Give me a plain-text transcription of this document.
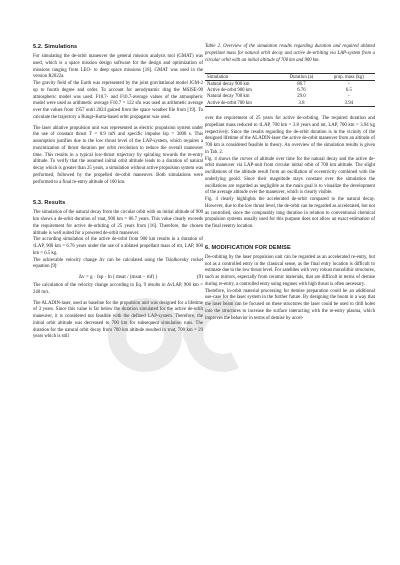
5.2. Simulations

For simulating the de-orbit maneuver the general mission analysis tool (GMAT) was used, which is a space mission design software for the design and optimization of missions ranging from LEO- to deep space missions [18]. GMAT was used in the version R2022a.

The gravity field of the Earth was represented by the joint gravitational model JGM-2 up to fourth degree and order. To account for aerodynamic drag the MSISE-90 atmospheric model was used. F10.7- and F10.7-average values of the atmospheric model were used as arithmetic average F10.7 = 122 sfu was used as arithmetic average over the values from 1957 until 2024 gained from the space weather file from [19]. To calculate the trajectory a Runge-Kutta-based orbit propagator was used.

The laser ablative propulsion unit was represented as electric propulsion system under the use of constant thrust T = 0.9 mN and specific impulse Isp = 3000 s. This assumption justifies due to the low thrust level of the LAP-system, which requires a maximization of thrust duration per orbit revolution to reduce the overall maneuver time. This results in a typical low-thrust trajectory by spiraling towards the re-entry altitude. To verify that the assumed initial orbit altitude leads to a duration of natural decay which is greater than 25 years, a simulation without active propulsion system was performed, followed by the propelled de-orbit maneuver. Both simulations were performed to a final re-entry altitude of 100 km.

5.3. Results

The simulation of the natural decay from the circular orbit with an initial altitude of 900 km shows a de-orbit duration of τnat, 900 km = 86.7 years. This value clearly exceeds the requirement for active de-orbiting of 25 years from [16]. Therefore, the chosen altitude is well suited for a powered de-orbit maneuver.

The according simulation of the active de-orbit from 900 km results in a duration of τLAP, 900 km = 6.76 years under the use of a ablated propellant mass of mt, LAP, 900 km = 6.5 kg.

The achievable velocity change Δv can be calculated using the Tsiolkovsky rocket equation [9]:

Δv = g · Isp · ln ( msat / (msat − mf) )	(9)

The calculation of the velocity change according to Eq. 9 results in ΔvLAP, 900 km = 240 m/s.

The ALADIN-laser, used as baseline for the propulsion unit was designed for a lifetime of 3 years. Since this value is far below the duration simulated for the active de-orbit maneuver, it is considered not feasible with the defined LAP-system. Therefore, the initial orbit altitude was decreased to 700 km for subsequent simulation runs. The duration for the natural orbit decay from 700 km altitude resulted in τnat, 700 km = 29 years which is still

Table 2. Overview of the simulation results regarding duration and required ablated propellant mass for natural orbit decay and active de-orbiting via LAP-system from a circular orbit with an initial altitude of 700 km and 900 km.

Simulation	Duration (a)	prop. mass (kg)
Natural decay 900 km	86.7	-
Active de-orbit 900 km	6.76	6.5
Natural decay 700 km	29.0	-
Active de-orbit 700 km	3.8	3.94

over the requirement of 25 years for active de-orbiting. The required duration and propellant mass reduced to τLAP, 700 km = 3.8 years and mt, LAP, 700 km = 3.94 kg respectively. Since the results regarding the de-orbit duration is in the vicinity of the designed lifetime of the ALADIN-laser the active de-orbit maneuver from an altitude of 700 km is considered feasible in theory. An overview of the simulation results is given in Tab. 2.

Fig. 4 shows the curves of altitude over time for the natural decay and the active de-orbit maneuver via LAP-unit from circular initial orbit of 700 km altitude. The slight oscillations of the altitude result from an oscillation of eccentricity combined with the underlying geoid. Since their magnitude stays constant over the simulation the oscillations are regarded as negligible as the main goal is to visualize the development of the average altitude over the maneuver, which is clearly visible.

Fig. 4 clearly highlights the accelerated de-orbit compared to the natural decay. However, due to the low thrust level, the de-orbit can be regarded as accelerated, but not as controlled, since the comparably long duration in relation to conventional chemical propulsion systems usually used for this purpose does not allow an exact estimation of the final reentry location.

6. MODIFICATION FOR DEMISE

De-orbiting by the laser propulsion unit can be regarded as an accelerated re-entry, but not as a controlled entry in the classical sense, as the final entry location is difficult to estimate due to the low thrust level. For satellites with very robust monolithic structures, such as mirrors, especially from ceramic materials, that are difficult in terms of demise during re-entry, a controlled entry using engines with high thrust is often necessary.

Therefore, in-orbit material processing for demise preparation could be an additional use-case for the laser system in the further future. By designing the boom in a way that the laser beam can be focused on these structures the laser could be used to drill holes into the structures to increase the surface interacting with the re-entry plasma, which improves the behavior in terms of demise by accel-
